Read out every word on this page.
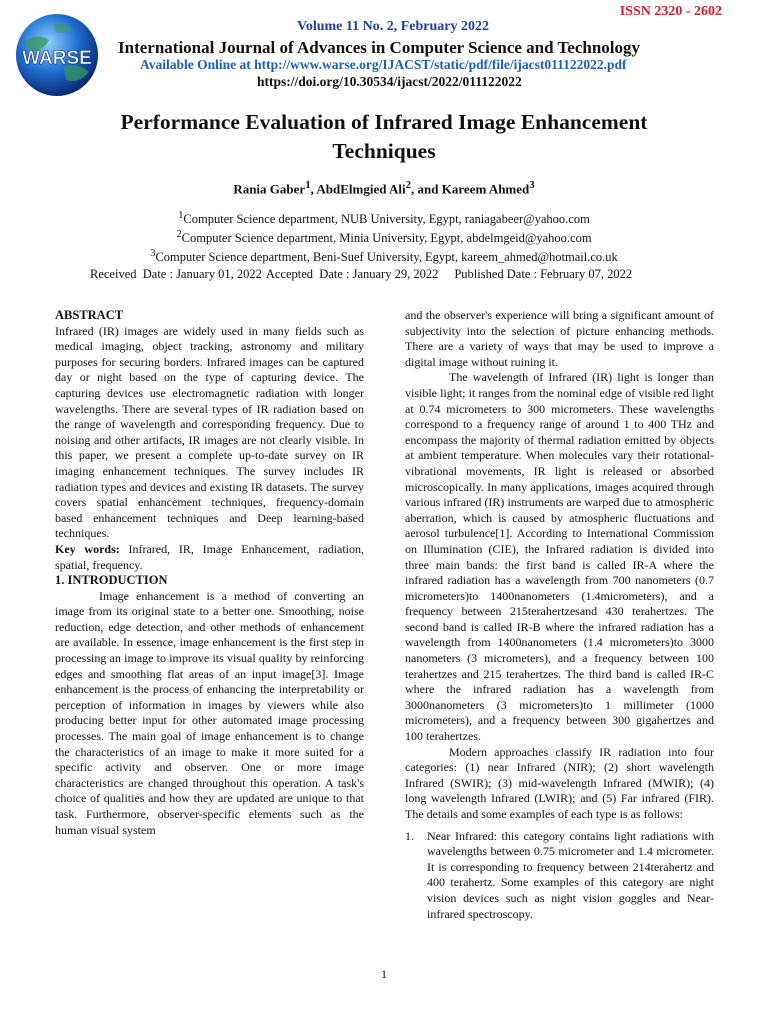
WARSE
ISSN 2320 - 2602
Volume 11 No. 2, February 2022
International Journal of Advances in Computer Science and Technology
Available Online at http://www.warse.org/IJACST/static/pdf/file/ijacst011122022.pdf
https://doi.org/10.30534/ijacst/2022/011122022
Performance Evaluation of Infrared Image Enhancement
Techniques
Rania Gaber$^1$, AbdElmgied Ali$^2$, and Kareem Ahmed$^3$
$^1$Computer Science department, NUB University, Egypt, raniagabeer@yahoo.com
$^2$Computer Science department, Minia University, Egypt, abdelmgeid@yahoo.com
$^3$Computer Science department, Beni-Suef University, Egypt, kareem_ahmed@hotmail.co.uk
Received  Date : January 01, 2022 Accepted  Date : January 29, 2022 Published Date : February 07, 2022

ABSTRACT

Infrared (IR) images are widely used in many fields such as medical imaging, object tracking, astronomy and military purposes for securing borders. Infrared images can be captured day or night based on the type of capturing device. The capturing devices use electromagnetic radiation with longer wavelengths. There are several types of IR radiation based on the range of wavelength and corresponding frequency. Due to noising and other artifacts, IR images are not clearly visible. In this paper, we present a complete up-to-date survey on IR imaging enhancement techniques. The survey includes IR radiation types and devices and existing IR datasets. The survey covers spatial enhancement techniques, frequency-domain based enhancement techniques and Deep learning-based techniques.

Key words: Infrared, IR, Image Enhancement, radiation, spatial, frequency.

1. INTRODUCTION

Image enhancement is a method of converting an image from its original state to a better one. Smoothing, noise reduction, edge detection, and other methods of enhancement are available. In essence, image enhancement is the first step in processing an image to improve its visual quality by reinforcing edges and smoothing flat areas of an input image[3]. Image enhancement is the process of enhancing the interpretability or perception of information in images by viewers while also producing better input for other automated image processing processes. The main goal of image enhancement is to change the characteristics of an image to make it more suited for a specific activity and observer. One or more image characteristics are changed throughout this operation. A task's choice of qualities and how they are updated are unique to that task. Furthermore, observer-specific elements such as the human visual system

and the observer's experience will bring a significant amount of subjectivity into the selection of picture enhancing methods. There are a variety of ways that may be used to improve a digital image without ruining it.

The wavelength of Infrared (IR) light is longer than visible light; it ranges from the nominal edge of visible red light at 0.74 micrometers to 300 micrometers. These wavelengths correspond to a frequency range of around 1 to 400 THz and encompass the majority of thermal radiation emitted by objects at ambient temperature. When molecules vary their rotational-vibrational movements, IR light is released or absorbed microscopically. In many applications, images acquired through various infrared (IR) instruments are warped due to atmospheric aberration, which is caused by atmospheric fluctuations and aerosol turbulence[1]. According to International Commission on Illumination (CIE), the Infrared radiation is divided into three main bands: the first band is called IR-A where the infrared radiation has a wavelength from 700 nanometers (0.7 micrometers)to 1400nanometers (1.4micrometers), and a frequency between 215terahertzesand 430 terahertzes. The second band is called IR-B where the infrared radiation has a wavelength from 1400nanometers (1.4 micrometers)to 3000 nanometers (3 micrometers), and a frequency between 100 terahertzes and 215 terahertzes. The third band is called IR-C where the infrared radiation has a wavelength from 3000nanometers (3 micrometers)to 1 millimeter (1000 micrometers), and a frequency between 300 gigahertzes and 100 terahertzes.

Modern approaches classify IR radiation into four categories: (1) near Infrared (NIR); (2) short wavelength Infrared (SWIR); (3) mid-wavelength Infrared (MWIR); (4) long wavelength Infrared (LWIR); and (5) Far infrared (FIR). The details and some examples of each type is as follows:

1.	Near Infrared: this category contains light radiations with wavelengths between 0.75 micrometer and 1.4 micrometer. It is corresponding to frequency between 214terahertz and 400 terahertz. Some examples of this category are night vision devices such as night vision goggles and Near-infrared spectroscopy.
1
